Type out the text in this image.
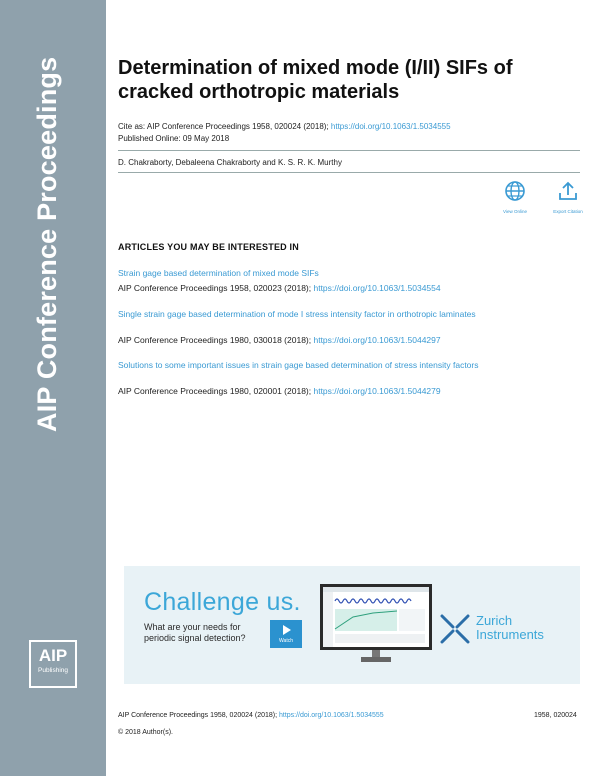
AIP Conference Proceedings
AIP
Publishing
Determination of mixed mode (I/II) SIFs of cracked orthotropic materials
Cite as: AIP Conference Proceedings 1958, 020024 (2018); https://doi.org/10.1063/1.5034555
Published Online: 09 May 2018
D. Chakraborty, Debaleena Chakraborty and K. S. R. K. Murthy
View Online	Export Citation
ARTICLES YOU MAY BE INTERESTED IN
Strain gage based determination of mixed mode SIFs
AIP Conference Proceedings 1958, 020023 (2018); https://doi.org/10.1063/1.5034554
Single strain gage based determination of mode I stress intensity factor in orthotropic laminates
AIP Conference Proceedings 1980, 030018 (2018); https://doi.org/10.1063/1.5044297
Solutions to some important issues in strain gage based determination of stress intensity factors
AIP Conference Proceedings 1980, 020001 (2018); https://doi.org/10.1063/1.5044279
Challenge us.
What are your needs for
periodic signal detection?	Watch
Zurich
Instruments
AIP Conference Proceedings 1958, 020024 (2018); https://doi.org/10.1063/1.5034555	1958, 020024
© 2018 Author(s).
